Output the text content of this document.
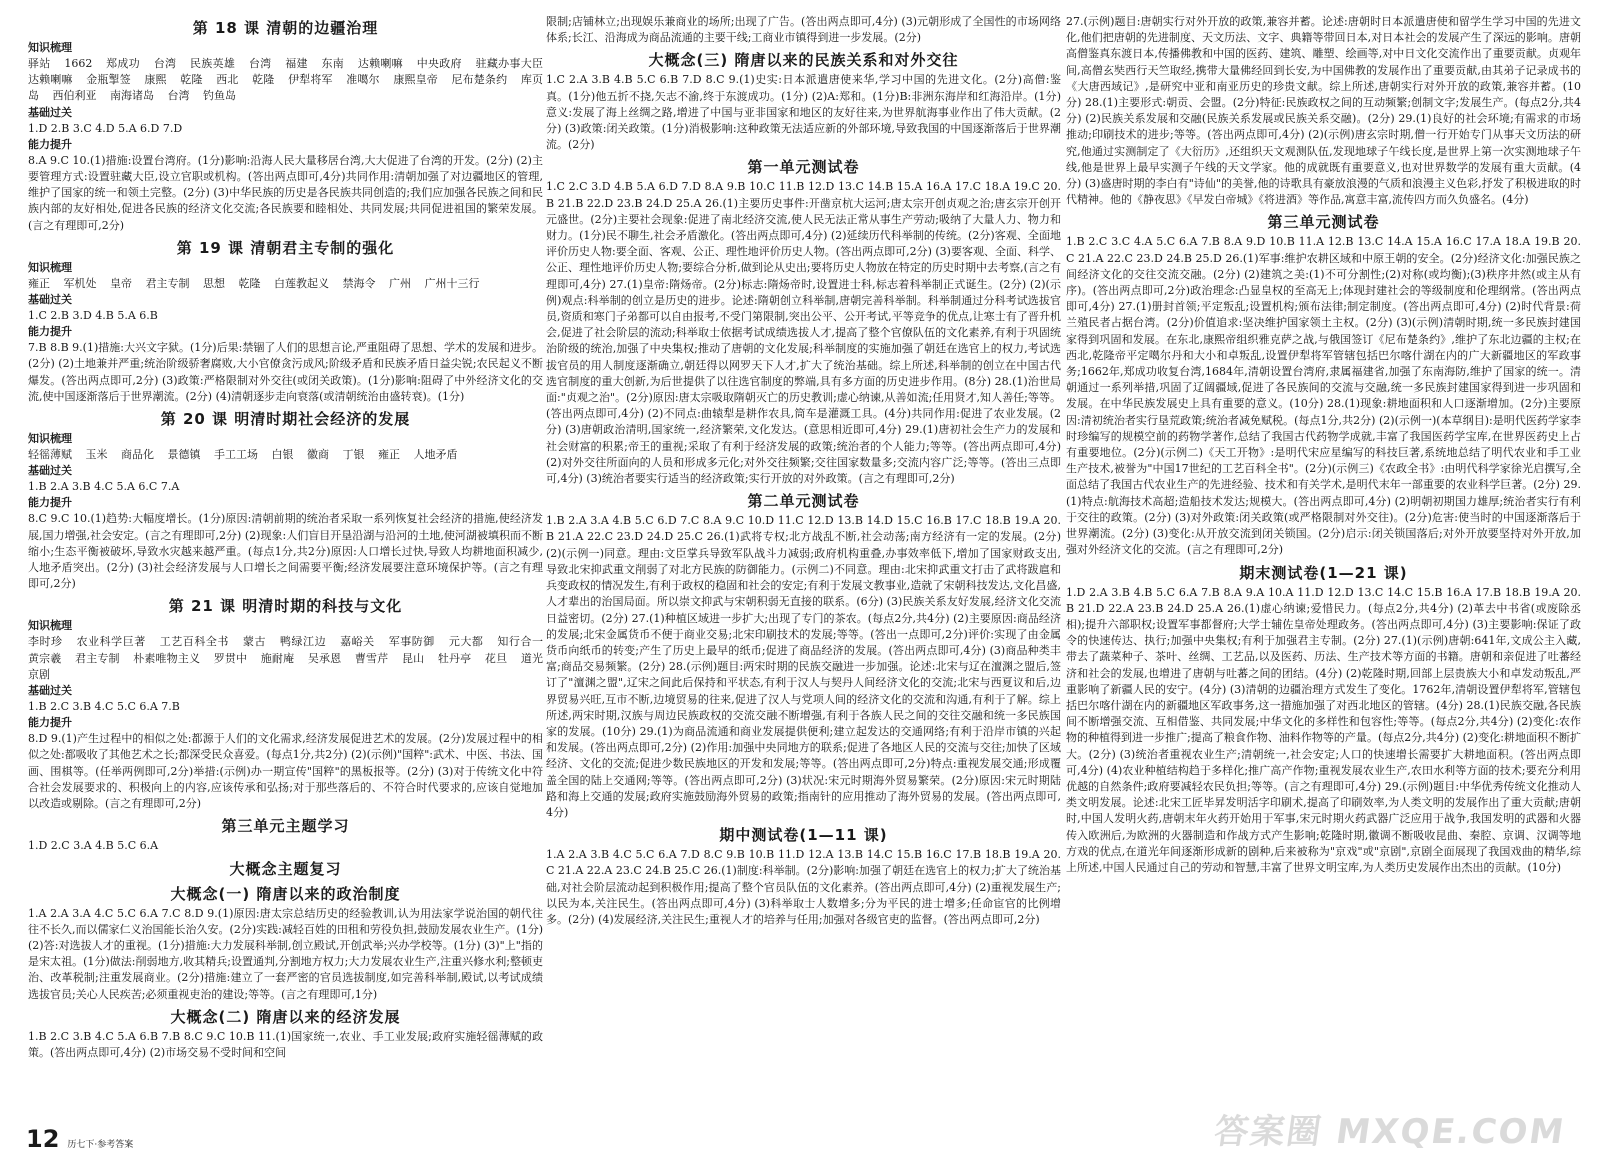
第 18 课 清朝的边疆治理
知识梳理

驿站 1662 郑成功 台湾 民族英雄 台湾 福建 东南 达赖喇嘛 中央政府 驻藏办事大臣 达赖喇嘛 金瓶掣签 康熙 乾隆 西北 乾隆 伊犁将军 准噶尔 康熙皇帝 尼布楚条约 库页岛 西伯利亚 南海诸岛 台湾 钓鱼岛

基础过关

1.D 2.B 3.C 4.D 5.A 6.D 7.D

能力提升

8.A 9.C 10.(1)措施:设置台湾府。(1分)影响:沿海人民大量移居台湾,大大促进了台湾的开发。(2分) (2)主要管理方式:设置驻藏大臣,设立官职或机构。(答出两点即可,4分)共同作用:清朝加强了对边疆地区的管理,维护了国家的统一和领土完整。(2分) (3)中华民族的历史是各民族共同创造的;我们应加强各民族之间和民族内部的友好相处,促进各民族的经济文化交流;各民族要和睦相处、共同发展;共同促进祖国的繁荣发展。(言之有理即可,2分)

第 19 课 清朝君主专制的强化
知识梳理

雍正 军机处 皇帝 君主专制 思想 乾隆 白莲教起义 禁海令 广州 广州十三行

基础过关

1.C 2.B 3.D 4.B 5.A 6.B

能力提升

7.B 8.B 9.(1)措施:大兴文字狱。(1分)后果:禁锢了人们的思想言论,严重阻碍了思想、学术的发展和进步。(2分) (2)土地兼并严重;统治阶级骄奢腐败,大小官僚贪污成风;阶级矛盾和民族矛盾日益尖锐;农民起义不断爆发。(答出两点即可,2分) (3)政策:严格限制对外交往(或闭关政策)。(1分)影响:阻碍了中外经济文化的交流,使中国逐渐落后于世界潮流。(2分) (4)清朝逐步走向衰落(或清朝统治由盛转衰)。(1分)

第 20 课 明清时期社会经济的发展
知识梳理

轻徭薄赋 玉米 商品化 景德镇 手工工场 白银 徽商 丁银 雍正 人地矛盾

基础过关

1.B 2.A 3.B 4.C 5.A 6.C 7.A

能力提升

8.C 9.C 10.(1)趋势:大幅度增长。(1分)原因:清朝前期的统治者采取一系列恢复社会经济的措施,使经济发展,国力增强,社会安定。(言之有理即可,2分) (2)现象:人们盲目开垦沿湖与沿河的土地,使河湖被填积而不断缩小;生态平衡被破坏,导致水灾越来越严重。(每点1分,共2分)原因:人口增长过快,导致人均耕地面积减少,人地矛盾突出。(2分) (3)社会经济发展与人口增长之间需要平衡;经济发展要注意环境保护等。(言之有理即可,2分)

第 21 课 明清时期的科技与文化
知识梳理

李时珍 农业科学巨著 工艺百科全书 蒙古 鸭绿江边 嘉峪关 军事防御 元大都 知行合一 黄宗羲 君主专制 朴素唯物主义 罗贯中 施耐庵 吴承恩 曹雪芹 昆山 牡丹亭 花旦 道光 京剧

基础过关

1.B 2.C 3.B 4.C 5.C 6.A 7.B

能力提升

8.D 9.(1)产生过程中的相似之处:都源于人们的文化需求,经济发展促进艺术的发展。(2分)发展过程中的相似之处:都吸收了其他艺术之长;都深受民众喜爱。(每点1分,共2分) (2)(示例)"国粹":武术、中医、书法、国画、围棋等。(任举两例即可,2分)举措:(示例)办一期宣传"国粹"的黑板报等。(2分) (3)对于传统文化中符合社会发展要求的、积极向上的内容,应该传承和弘扬;对于那些落后的、不符合时代要求的,应该自觉地加以改造或剔除。(言之有理即可,2分)

第三单元主题学习

1.D 2.C 3.A 4.B 5.C 6.A

大概念主题复习
大概念(一) 隋唐以来的政治制度

1.A 2.A 3.A 4.C 5.C 6.A 7.C 8.D 9.(1)原因:唐太宗总结历史的经验教训,认为用法家学说治国的朝代往往不长久,而以儒家仁义治国能长治久安。(2分)实践:减轻百姓的田租和劳役负担,鼓励发展农业生产。(1分) (2)答:对选拔人才的重视。(1分)措施:大力发展科举制,创立殿试,开创武举;兴办学校等。(1分) (3)"上"指的是宋太祖。(1分)做法:削弱地方,收其精兵;设置通判,分割地方权力;大力发展农业生产,注重兴修水利;整顿吏治、改革税制;注重发展商业。(2分)措施:建立了一套严密的官员选拔制度,如完善科举制,殿试,以考试成绩选拔官员;关心人民疾苦;必须重视吏治的建设;等等。(言之有理即可,1分)

大概念(二) 隋唐以来的经济发展

1.B 2.C 3.B 4.C 5.A 6.B 7.B 8.C 9.C 10.B 11.(1)国家统一,农业、手工业发展;政府实施轻徭薄赋的政策。(答出两点即可,4分) (2)市场交易不受时间和空间

限制;店铺林立;出现娱乐兼商业的场所;出现了广告。(答出两点即可,4分) (3)元朝形成了全国性的市场网络体系;长江、沿海成为商品流通的主要干线;工商业市镇得到进一步发展。(2分)

大概念(三) 隋唐以来的民族关系和对外交往

1.C 2.A 3.B 4.B 5.C 6.B 7.D 8.C 9.(1)史实:日本派遣唐使来华,学习中国的先进文化。(2分)高僧:鉴真。(1分)他五折不挠,矢志不渝,终于东渡成功。(1分) (2)A:郑和。(1分)B:非洲东海岸和红海沿岸。(1分)意义:发展了海上丝绸之路,增进了中国与亚非国家和地区的友好往来,为世界航海事业作出了伟大贡献。(2分) (3)政策:闭关政策。(1分)消极影响:这种政策无法适应新的外部环境,导致我国的中国逐渐落后于世界潮流。(2分)

第一单元测试卷

1.C 2.C 3.D 4.B 5.A 6.D 7.D 8.A 9.B 10.C 11.B 12.D 13.C 14.B 15.A 16.A 17.C 18.A 19.C 20.B 21.B 22.D 23.B 24.D 25.A 26.(1)主要历史事件:开凿京杭大运河;唐太宗开创贞观之治;唐玄宗开创开元盛世。(2分)主要社会现象:促进了南北经济交流,使人民无法正常从事生产劳动;吸纳了大量人力、物力和财力。(1分)民不聊生,社会矛盾激化。(答出两点即可,4分) (2)延续历代科举制的传统。(2分)客观、全面地评价历史人物:要全面、客观、公正、理性地评价历史人物。(答出两点即可,2分) (3)要客观、全面、科学、公正、理性地评价历史人物;要综合分析,做到论从史出;要将历史人物放在特定的历史时期中去考察,(言之有理即可,4分) 27.(1)皇帝:隋炀帝。(2分)标志:隋炀帝时,设置进士科,标志着科举制正式诞生。(2分) (2)(示例)观点:科举制的创立是历史的进步。论述:隋朝创立科举制,唐朝完善科举制。科举制通过分科考试选拔官员,资质和寒门子弟都可以自由报考,不受门第限制,突出公平、公开考试,平等竞争的优点,让寒士有了晋升机会,促进了社会阶层的流动;科举取士依据考试成绩选拔人才,提高了整个官僚队伍的文化素养,有利于巩固统治阶级的统治,加强了中央集权;推动了唐朝的文化发展;科举制度的实施加强了朝廷在选官上的权力,考试选拔官员的用人制度逐渐确立,朝廷得以网罗天下人才,扩大了统治基础。综上所述,科举制的创立在中国古代选官制度的重大创新,为后世提供了以往选官制度的弊端,具有多方面的历史进步作用。(8分) 28.(1)治世局面:"贞观之治"。(2分)原因:唐太宗吸取隋朝灭亡的历史教训;虚心纳谏,从善如流;任用贤才,知人善任;等等。(答出两点即可,4分) (2)不同点:曲辕犁是耕作农具,筒车是灌溉工具。(4分)共同作用:促进了农业发展。(2分) (3)唐朝政治清明,国家统一,经济繁荣,文化发达。(意思相近即可,4分) 29.(1)唐初社会生产力的发展和社会财富的积累;帝王的重视;采取了有利于经济发展的政策;统治者的个人能力;等等。(答出两点即可,4分) (2)对外交往所面向的人员和形成多元化;对外交往频繁;交往国家数量多;交流内容广泛;等等。(答出三点即可,4分) (3)统治者要实行适当的经济政策;实行开放的对外政策。(言之有理即可,2分)

第二单元测试卷

1.B 2.A 3.A 4.B 5.C 6.D 7.C 8.A 9.C 10.D 11.C 12.D 13.B 14.D 15.C 16.B 17.C 18.B 19.A 20.B 21.A 22.C 23.D 24.D 25.C 26.(1)武将专权;北方战乱不断,社会动荡;南方经济有一定的发展。(2分) (2)(示例一)同意。理由:文臣掌兵导致军队战斗力减弱;政府机构重叠,办事效率低下,增加了国家财政支出,导致北宋抑武重文削弱了对北方民族的防御能力。(示例二)不同意。理由:北宋抑武重文打击了武将跋扈和兵变政权的情况发生,有利于政权的稳固和社会的安定;有利于发展文教事业,造就了宋朝科技发达,文化昌盛,人才辈出的治国局面。所以崇文抑武与宋朝积弱无直接的联系。(6分) (3)民族关系友好发展,经济文化交流日益密切。(2分) 27.(1)种植区域进一步扩大;出现了专门的茶农。(每点2分,共4分) (2)主要原因:商品经济的发展;北宋金属货币不便于商业交易;北宋印刷技术的发展;等等。(答出一点即可,2分)评价:实现了由金属货币向纸币的转变;产生了历史上最早的纸币;促进了商品经济的发展。(答出两点即可,4分) (3)商品种类丰富;商品交易频繁。(2分) 28.(示例)题目:两宋时期的民族交融进一步加强。论述:北宋与辽在澶渊之盟后,签订了"澶渊之盟",辽宋之间此后保持和平状态,有利于汉人与契丹人间经济文化的交流;北宋与西夏议和后,边界贸易兴旺,互市不断,边境贸易的往来,促进了汉人与党项人间的经济文化的交流和沟通,有利于了解。综上所述,两宋时期,汉族与周边民族政权的交流交融不断增强,有利于各族人民之间的交往交融和统一多民族国家的发展。(10分) 29.(1)为商品流通和商业发展提供便利;建立起发达的交通网络;有利于沿岸市镇的兴起和发展。(答出两点即可,2分) (2)作用:加强中央同地方的联系;促进了各地区人民的交流与交往;加快了区域经济、文化的交流;促进少数民族地区的开发和发展;等等。(答出两点即可,2分)特点:重视发展交通;形成覆盖全国的陆上交通网;等等。(答出两点即可,2分) (3)状况:宋元时期海外贸易繁荣。(2分)原因:宋元时期陆路和海上交通的发展;政府实施鼓励海外贸易的政策;指南针的应用推动了海外贸易的发展。(答出两点即可,4分)

期中测试卷(1—11 课)

1.A 2.A 3.B 4.C 5.C 6.A 7.D 8.C 9.B 10.B 11.D 12.A 13.B 14.C 15.B 16.C 17.B 18.B 19.A 20.C 21.A 22.A 23.C 24.B 25.C 26.(1)制度:科举制。(2分)影响:加强了朝廷在选官上的权力;扩大了统治基础,对社会阶层流动起到积极作用;提高了整个官员队伍的文化素养。(答出两点即可,4分) (2)重视发展生产;以民为本,关注民生。(答出两点即可,4分) (3)科举取士人数增多;分为平民的进士增多;任命宦官的比例增多。(2分) (4)发展经济,关注民生;重视人才的培养与任用;加强对各级官吏的监督。(答出两点即可,2分)

27.(示例)题目:唐朝实行对外开放的政策,兼容并蓄。论述:唐朝时日本派遣唐使和留学生学习中国的先进文化,他们把唐朝的先进制度、天文历法、文字、典籍等带回日本,对日本社会的发展产生了深远的影响。唐朝高僧鉴真东渡日本,传播佛教和中国的医药、建筑、雕塑、绘画等,对中日文化交流作出了重要贡献。贞观年间,高僧玄奘西行天竺取经,携带大量佛经回到长安,为中国佛教的发展作出了重要贡献,由其弟子记录成书的《大唐西域记》,是研究中亚和南亚历史的珍贵文献。综上所述,唐朝实行对外开放的政策,兼容并蓄。(10分) 28.(1)主要形式:朝贡、会盟。(2分)特征:民族政权之间的互动频繁;创制文字;发展生产。(每点2分,共4分) (2)民族关系发展和交融(民族关系发展或民族关系交融)。(2分) 29.(1)良好的社会环境;有需求的市场推动;印刷技术的进步;等等。(答出两点即可,4分) (2)(示例)唐玄宗时期,僧一行开始专门从事天文历法的研究,他通过实测制定了《大衍历》,还组织天文观测队伍,发现地球子午线长度,是世界上第一次实测地球子午线,他是世界上最早实测子午线的天文学家。他的成就既有重要意义,也对世界数学的发展有重大贡献。(4分) (3)盛唐时期的李白有"诗仙"的美誉,他的诗歌具有豪放浪漫的气质和浪漫主义色彩,抒发了积极进取的时代精神。他的《静夜思》《早发白帝城》《将进酒》等作品,寓意丰富,流传四方而久负盛名。(4分)

第三单元测试卷

1.B 2.C 3.C 4.A 5.C 6.A 7.B 8.A 9.D 10.B 11.A 12.B 13.C 14.A 15.A 16.C 17.A 18.A 19.B 20.C 21.A 22.C 23.D 24.B 25.D 26.(1)军事:维护农耕区域和中原王朝的安全。(2分)经济文化:加强民族之间经济文化的交往交流交融。(2分) (2)建筑之美:(1)不可分割性;(2)对称(或均衡);(3)秩序井然(或主从有序)。(答出两点即可,2分)政治理念:凸显皇权的至高无上;体现封建社会的等级制度和伦理纲常。(答出两点即可,4分) 27.(1)册封首领;平定叛乱;设置机构;颁布法律;制定制度。(答出两点即可,4分) (2)时代背景:荷兰殖民者占据台湾。(2分)价值追求:坚决维护国家领土主权。(2分) (3)(示例)清朝时期,统一多民族封建国家得到巩固和发展。在东北,康熙帝组织雅克萨之战,与俄国签订《尼布楚条约》,维护了东北边疆的主权;在西北,乾隆帝平定噶尔丹和大小和卓叛乱,设置伊犁将军管辖包括巴尔喀什湖在内的广大新疆地区的军政事务;1662年,郑成功收复台湾,1684年,清朝设置台湾府,隶属福建省,加强了东南海防,维护了国家的统一。清朝通过一系列举措,巩固了辽阔疆域,促进了各民族间的交流与交融,统一多民族封建国家得到进一步巩固和发展。在中华民族发展史上具有重要的意义。(10分) 28.(1)现象:耕地面积和人口逐渐增加。(2分)主要原因:清初统治者实行垦荒政策;统治者减免赋税。(每点1分,共2分) (2)(示例一)(本草纲目):是明代医药学家李时珍编写的规模空前的药物学著作,总结了我国古代药物学成就,丰富了我国医药学宝库,在世界医药史上占有重要地位。(2分)(示例二)《天工开物》:是明代宋应星编写的科技巨著,系统地总结了明代农业和手工业生产技术,被誉为"中国17世纪的工艺百科全书"。(2分)(示例三)《农政全书》:由明代科学家徐光启撰写,全面总结了我国古代农业生产的先进经验、技术和有关学术,是明代末年一部重要的农业科学巨著。(2分) 29.(1)特点:航海技术高超;造船技术发达;规模大。(答出两点即可,4分) (2)明朝初期国力雄厚;统治者实行有利于交往的政策。(2分) (3)对外政策:闭关政策(或严格限制对外交往)。(2分)危害:使当时的中国逐渐落后于世界潮流。(2分) (3)变化:从开放交流到闭关锁国。(2分)启示:闭关锁国落后;对外开放要坚持对外开放,加强对外经济文化的交流。(言之有理即可,2分)

期末测试卷(1—21 课)

1.D 2.A 3.B 4.B 5.C 6.A 7.B 8.A 9.A 10.A 11.D 12.D 13.C 14.C 15.B 16.A 17.B 18.B 19.A 20.B 21.D 22.A 23.B 24.D 25.A 26.(1)虚心纳谏;爱惜民力。(每点2分,共4分) (2)革去中书省(或废除丞相);提升六部职权;设置军事都督府;大学士辅佐皇帝处理政务。(答出两点即可,4分) (3)主要影响:保证了政令的快速传达、执行;加强中央集权;有利于加强君主专制。(2分) 27.(1)(示例)唐朝:641年,文成公主入藏,带去了蔬菜种子、茶叶、丝绸、工艺品,以及医药、历法、生产技术等方面的书籍。唐朝和亲促进了吐蕃经济和社会的发展,也增进了唐朝与吐蕃之间的团结。(4分) (2)乾隆时期,回部上层贵族大小和卓发动叛乱,严重影响了新疆人民的安宁。(4分) (3)清朝的边疆治理方式发生了变化。1762年,清朝设置伊犁将军,管辖包括巴尔喀什湖在内的新疆地区军政事务,这一措施加强了对西北地区的管辖。(4分) 28.(1)民族交融,各民族间不断增强交流、互相借鉴、共同发展;中华文化的多样性和包容性;等等。(每点2分,共4分) (2)变化:农作物的种植得到进一步推广;提高了粮食作物、油料作物等的产量。(每点2分,共4分) (2)变化:耕地面积不断扩大。(2分) (3)统治者重视农业生产;清朝统一,社会安定;人口的快速增长需要扩大耕地面积。(答出两点即可,4分) (4)农业种植结构趋于多样化;推广高产作物;重视发展农业生产,农田水利等方面的技术;要充分利用优越的自然条件;政府要减轻农民负担;等等。(言之有理即可,4分) 29.(示例)题目:中华优秀传统文化推动人类文明发展。论述:北宋工匠毕昇发明活字印刷术,提高了印刷效率,为人类文明的发展作出了重大贡献;唐朝时,中国人发明火药,唐朝末年火药开始用于军事,宋元时期火药武器广泛应用于战争,我国发明的武器和火器传入欧洲后,为欧洲的火器制造和作战方式产生影响;乾隆时期,徽调不断吸收昆曲、秦腔、京调、汉调等地方戏的优点,在道光年间逐渐形成新的剧种,后来被称为"京戏"或"京剧",京剧全面展现了我国戏曲的精华,综上所述,中国人民通过自己的劳动和智慧,丰富了世界文明宝库,为人类历史发展作出杰出的贡献。(10分)

12 历七下·参考答案	答案圈 MXQE.COM
